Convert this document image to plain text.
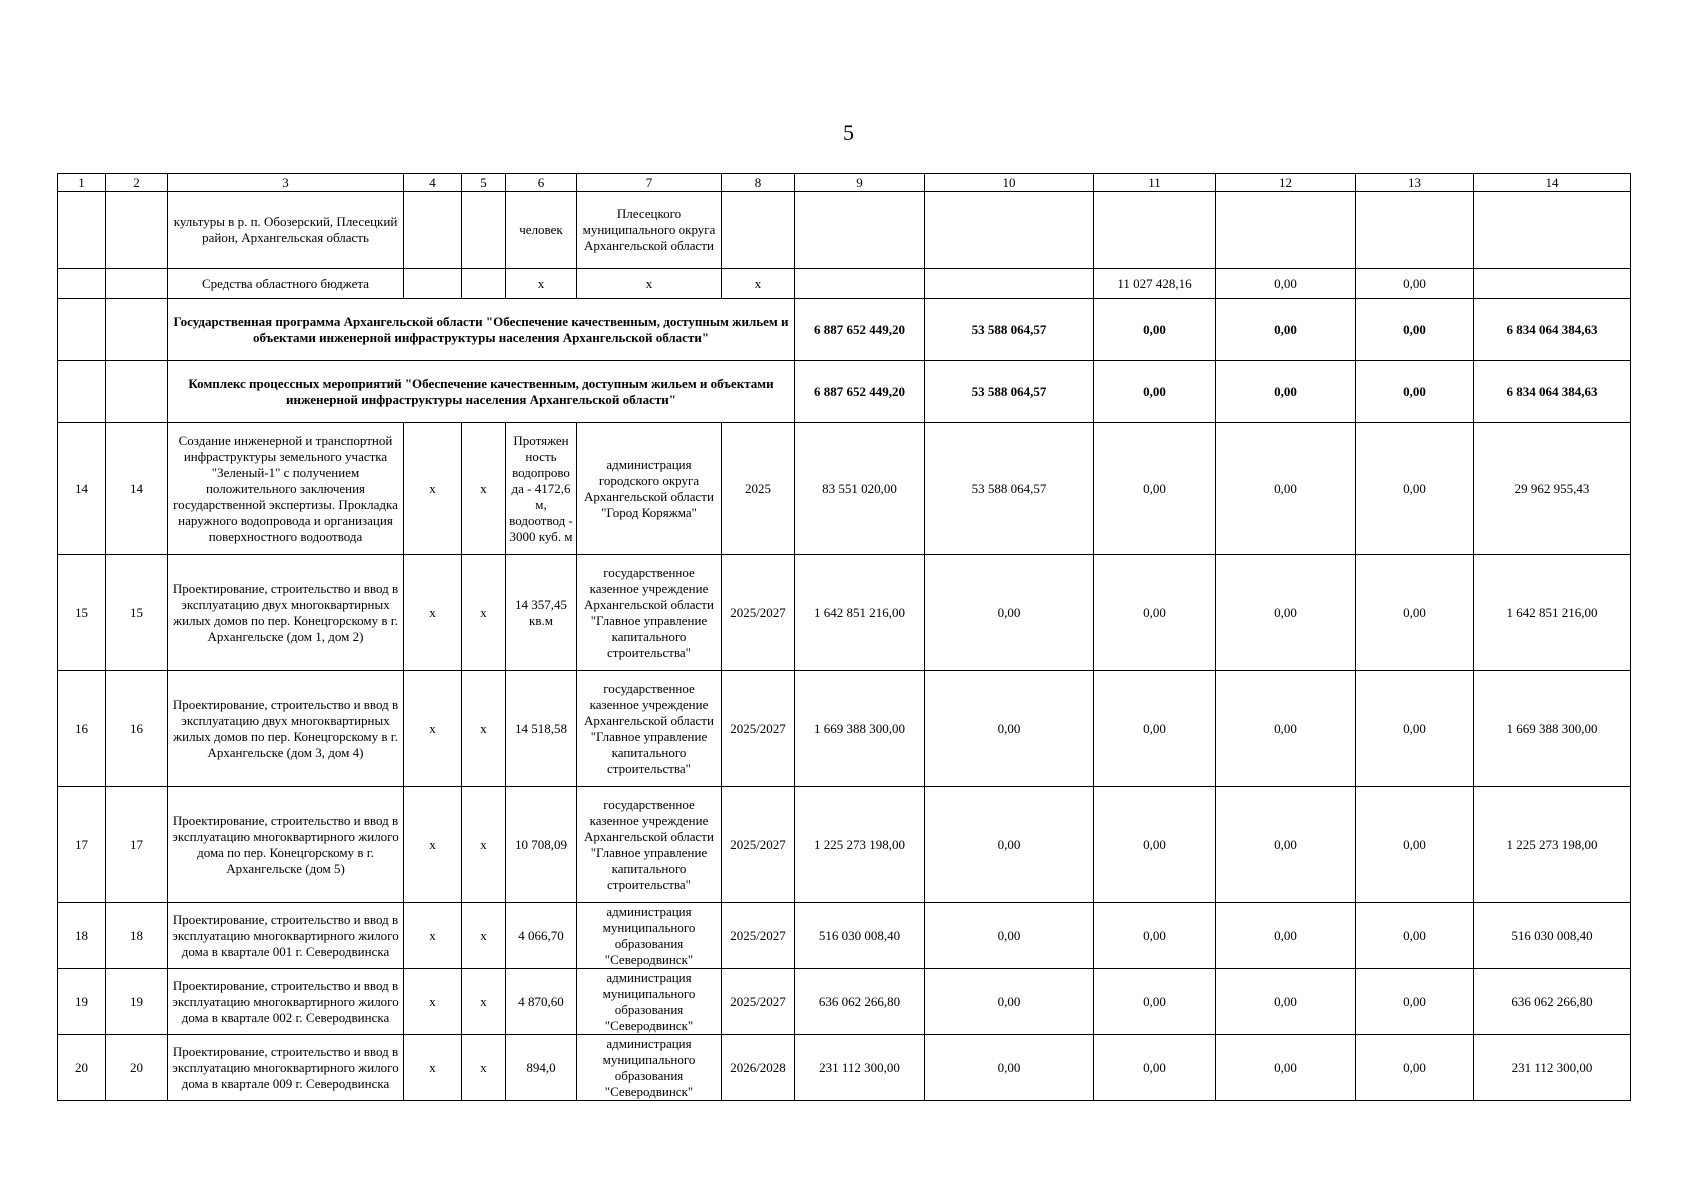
5
1	2	3	4	5	6	7	8	9	10	11	12	13	14
		культуры в р. п. Обозерский, Плесецкий район, Архангельская область			человек	Плесецкого муниципального округа Архангельской области							
		Средства областного бюджета			x	x	x			11 027 428,16	0,00	0,00	
		Государственная программа Архангельской области "Обеспечение качественным, доступным жильем и объектами инженерной инфраструктуры населения Архангельской области"						6 887 652 449,20	53 588 064,57	0,00	0,00	0,00	6 834 064 384,63
		Комплекс процессных мероприятий "Обеспечение качественным, доступным жильем и объектами инженерной инфраструктуры населения Архангельской области"						6 887 652 449,20	53 588 064,57	0,00	0,00	0,00	6 834 064 384,63
14	14	Создание инженерной и транспортной инфраструктуры земельного участка "Зеленый-1" с получением положительного заключения государственной экспертизы. Прокладка наружного водопровода и организация поверхностного водоотвода	x	x	Протяжен ность водопрово да - 4172,6 м, водоотвод - 3000 куб. м	администрация городского округа Архангельской области "Город Коряжма"	2025	83 551 020,00	53 588 064,57	0,00	0,00	0,00	29 962 955,43
15	15	Проектирование, строительство и ввод в эксплуатацию двух многоквартирных жилых домов по пер. Конецгорскому в г. Архангельске (дом 1, дом 2)	x	x	14 357,45 кв.м	государственное казенное учреждение Архангельской области "Главное управление капитального строительства"	2025/2027	1 642 851 216,00	0,00	0,00	0,00	0,00	1 642 851 216,00
16	16	Проектирование, строительство и ввод в эксплуатацию двух многоквартирных жилых домов по пер. Конецгорскому в г. Архангельске (дом 3, дом 4)	x	x	14 518,58	государственное казенное учреждение Архангельской области "Главное управление капитального строительства"	2025/2027	1 669 388 300,00	0,00	0,00	0,00	0,00	1 669 388 300,00
17	17	Проектирование, строительство и ввод в эксплуатацию многоквартирного жилого дома по пер. Конецгорскому в г. Архангельске (дом 5)	x	x	10 708,09	государственное казенное учреждение Архангельской области "Главное управление капитального строительства"	2025/2027	1 225 273 198,00	0,00	0,00	0,00	0,00	1 225 273 198,00
18	18	Проектирование, строительство и ввод в эксплуатацию многоквартирного жилого дома в квартале 001 г. Северодвинска	x	x	4 066,70	администрация муниципального образования "Северодвинск"	2025/2027	516 030 008,40	0,00	0,00	0,00	0,00	516 030 008,40
19	19	Проектирование, строительство и ввод в эксплуатацию многоквартирного жилого дома в квартале 002 г. Северодвинска	x	x	4 870,60	администрация муниципального образования "Северодвинск"	2025/2027	636 062 266,80	0,00	0,00	0,00	0,00	636 062 266,80
20	20	Проектирование, строительство и ввод в эксплуатацию многоквартирного жилого дома в квартале 009 г. Северодвинска	x	x	894,0	администрация муниципального образования "Северодвинск"	2026/2028	231 112 300,00	0,00	0,00	0,00	0,00	231 112 300,00
